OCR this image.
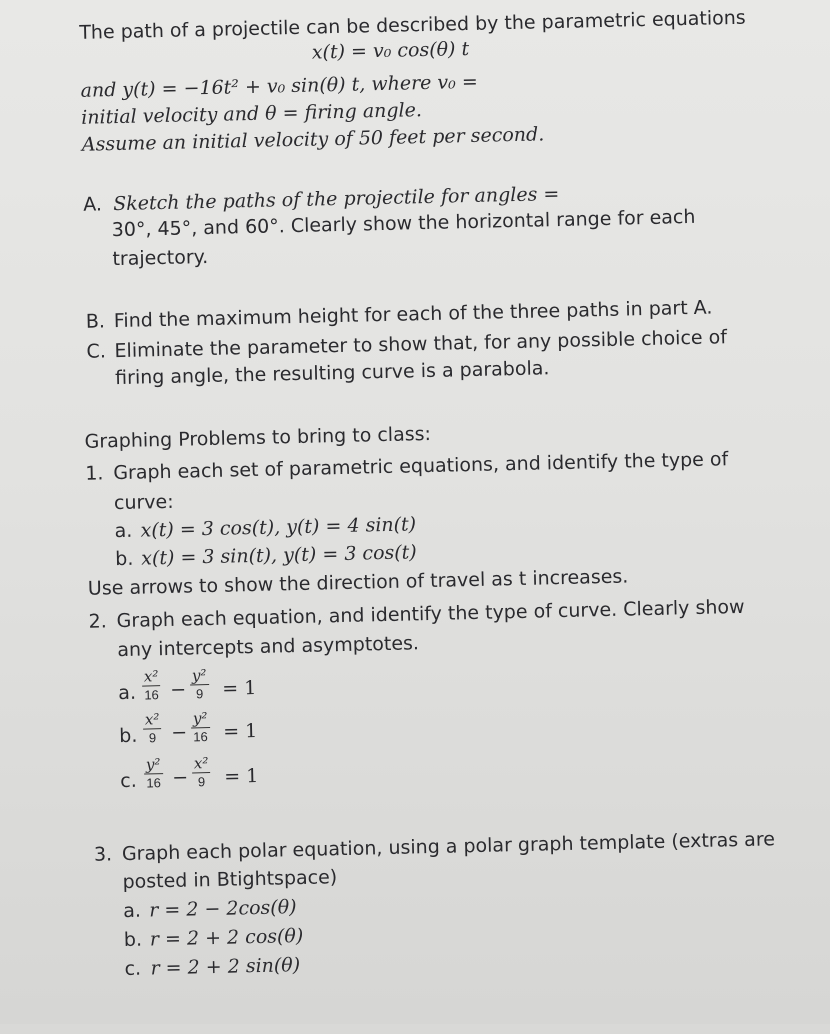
The path of a projectile can be described by the parametric equations
x(t) = v₀ cos(θ) t
and y(t) = −16t² + v₀ sin(θ) t, where v₀ =
initial velocity and θ = firing angle.
Assume an initial velocity of 50 feet per second.
A. Sketch the paths of the projectile for angles =
30°, 45°, and 60°. Clearly show the horizontal range for each
trajectory.
B. Find the maximum height for each of the three paths in part A.
C. Eliminate the parameter to show that, for any possible choice of
firing angle, the resulting curve is a parabola.
Graphing Problems to bring to class:
1. Graph each set of parametric equations, and identify the type of
curve:
a. x(t) = 3 cos(t), y(t) = 4 sin(t)
b. x(t) = 3 sin(t), y(t) = 3 cos(t)
Use arrows to show the direction of travel as t increases.
2. Graph each equation, and identify the type of curve. Clearly show
any intercepts and asymptotes.
a. $\frac{\text{x²}}{16} - \frac{\text{y²}}{9} = 1$
b. $\frac{\text{x²}}{9} - \frac{\text{y²}}{16} = 1$
c. $\frac{\text{y²}}{16} - \frac{\text{x²}}{9} = 1$
3. Graph each polar equation, using a polar graph template (extras are
posted in Btightspace)
a. r = 2 − 2cos(θ)
b. r = 2 + 2 cos(θ)
c. r = 2 + 2 sin(θ)
